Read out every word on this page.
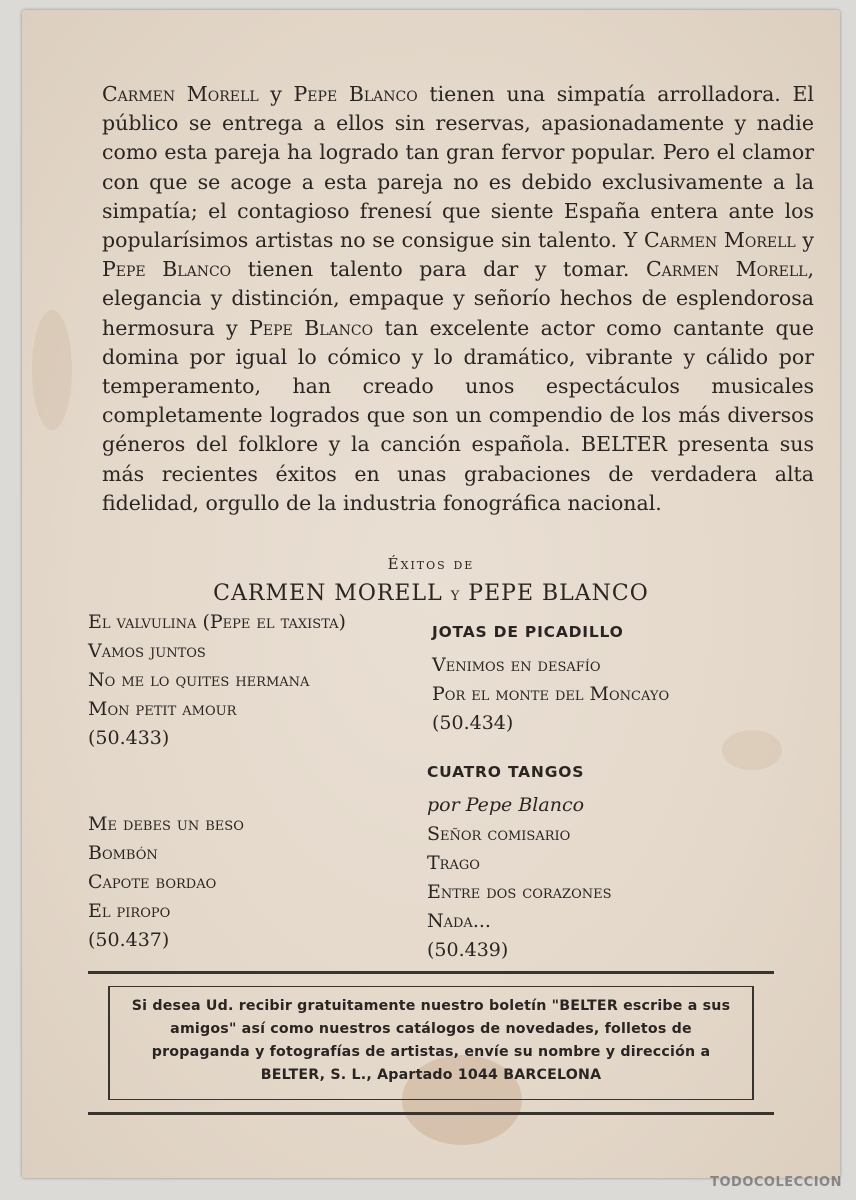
Carmen Morell y Pepe Blanco tienen una simpatía arrolladora. El público se entrega a ellos sin reservas, apasionadamente y nadie como esta pareja ha logrado tan gran fervor popular. Pero el clamor con que se acoge a esta pareja no es debido exclusivamente a la simpatía; el contagioso frenesí que siente España entera ante los popularísimos artistas no se consigue sin talento. Y Carmen Morell y Pepe Blanco tienen talento para dar y tomar. Carmen Morell, elegancia y distinción, empaque y señorío hechos de esplendorosa hermosura y Pepe Blanco tan excelente actor como cantante que domina por igual lo cómico y lo dramático, vibrante y cálido por temperamento, han creado unos espectáculos musicales completamente logrados que son un compendio de los más diversos géneros del folklore y la canción española. BELTER presenta sus más recientes éxitos en unas grabaciones de verdadera alta fidelidad, orgullo de la industria fonográfica nacional.

Éxitos de

CARMEN MORELL y PEPE BLANCO

El valvulina (Pepe el taxista)
Vamos juntos
No me lo quites hermana
Mon petit amour
(50.433)
JOTAS DE PICADILLO
Venimos en desafío
Por el monte del Moncayo
(50.434)
Me debes un beso
Bombón
Capote bordao
El piropo
(50.437)
CUATRO TANGOS
por Pepe Blanco
Señor comisario
Trago
Entre dos corazones
Nada...
(50.439)
Si desea Ud. recibir gratuitamente nuestro boletín "BELTER escribe a sus amigos" así como nuestros catálogos de novedades, folletos de propaganda y fotografías de artistas, envíe su nombre y dirección a BELTER, S. L., Apartado 1044 BARCELONA
TODOCOLECCION
